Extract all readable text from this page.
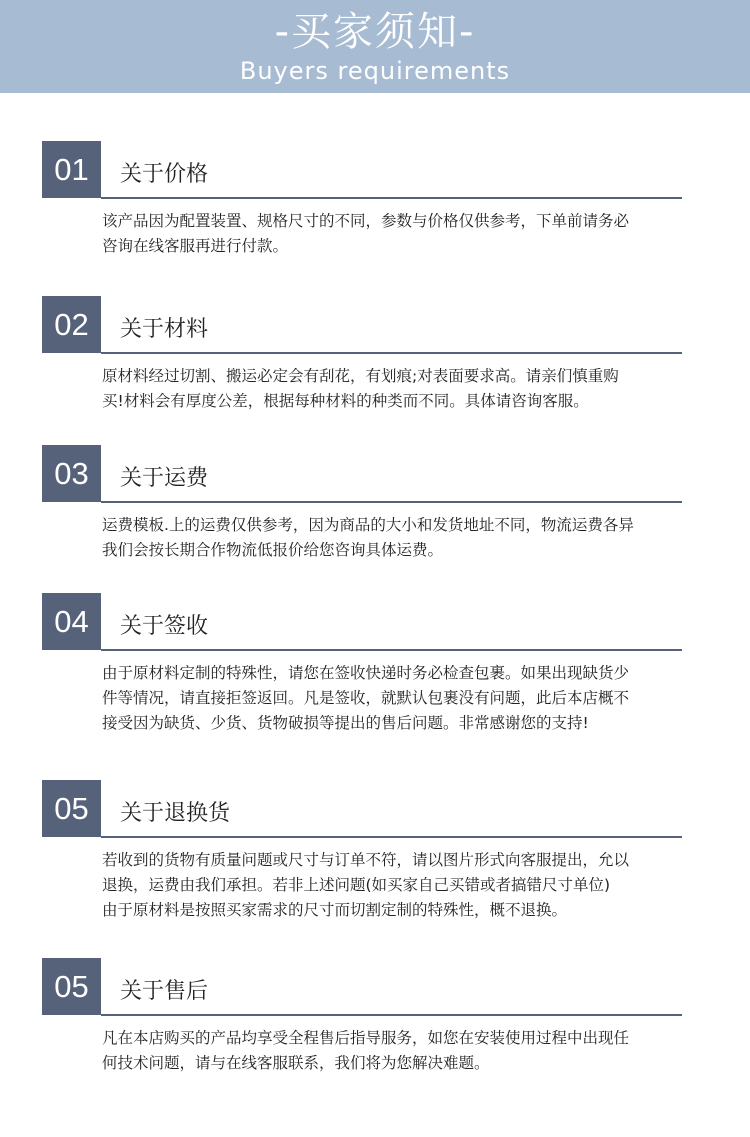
-买家须知-
Buyers requirements
01	关于价格

该产品因为配置装置、规格尺寸的不同，参数与价格仅供参考，下单前请务必

咨询在线客服再进行付款。

02	关于材料

原材料经过切割、搬运必定会有刮花，有划痕;对表面要求高。请亲们慎重购

买!材料会有厚度公差，根据每种材料的种类而不同。具体请咨询客服。

03	关于运费

运费模板.上的运费仅供参考，因为商品的大小和发货地址不同，物流运费各异

我们会按长期合作物流低报价给您咨询具体运费。

04	关于签收

由于原材料定制的特殊性，请您在签收快递时务必检查包裹。如果出现缺货少

件等情况，请直接拒签返回。凡是签收，就默认包裹没有问题，此后本店概不

接受因为缺货、少货、货物破损等提出的售后问题。非常感谢您的支持!

05	关于退换货

若收到的货物有质量问题或尺寸与订单不符，请以图片形式向客服提出，允以

退换，运费由我们承担。若非上述问题(如买家自己买错或者搞错尺寸单位)

由于原材料是按照买家需求的尺寸而切割定制的特殊性，概不退换。

05	关于售后

凡在本店购买的产品均享受全程售后指导服务，如您在安装使用过程中出现任

何技术问题，请与在线客服联系，我们将为您解决难题。
